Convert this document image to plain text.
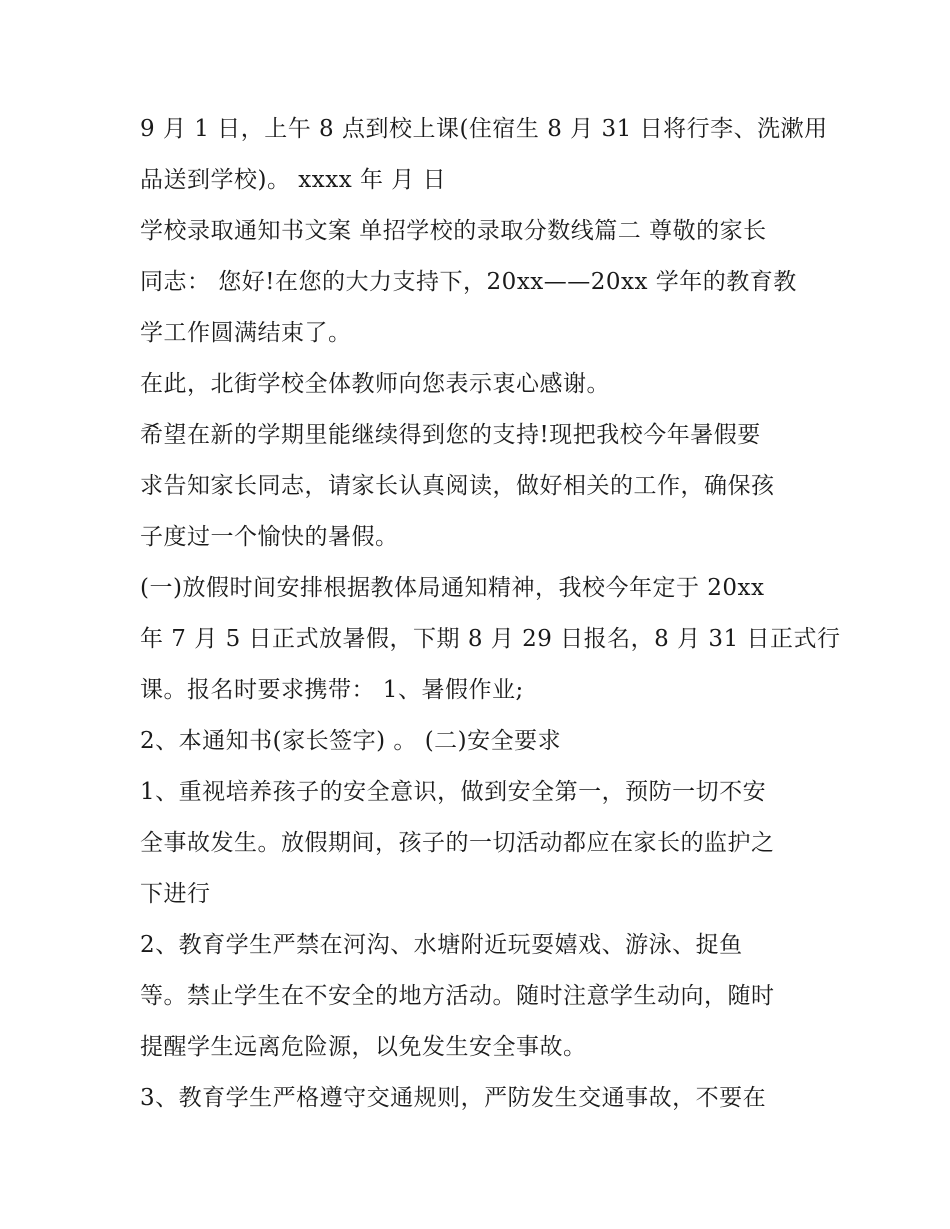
9 月 1 日，上午 8 点到校上课(住宿生 8 月 31 日将行李、洗漱用
品送到学校)。 xxxx 年 月 日
学校录取通知书文案 单招学校的录取分数线篇二 尊敬的家长
同志： 您好!在您的大力支持下，20xx——20xx 学年的教育教
学工作圆满结束了。
在此，北街学校全体教师向您表示衷心感谢。
希望在新的学期里能继续得到您的支持!现把我校今年暑假要
求告知家长同志，请家长认真阅读，做好相关的工作，确保孩
子度过一个愉快的暑假。
(一)放假时间安排根据教体局通知精神，我校今年定于 20xx
年 7 月 5 日正式放暑假，下期 8 月 29 日报名，8 月 31 日正式行
课。报名时要求携带： 1、暑假作业;
2、本通知书(家长签字) 。 (二)安全要求
1、重视培养孩子的安全意识，做到安全第一，预防一切不安
全事故发生。放假期间，孩子的一切活动都应在家长的监护之
下进行
2、教育学生严禁在河沟、水塘附近玩耍嬉戏、游泳、捉鱼
等。禁止学生在不安全的地方活动。随时注意学生动向，随时
提醒学生远离危险源，以免发生安全事故。
3、教育学生严格遵守交通规则，严防发生交通事故，不要在
